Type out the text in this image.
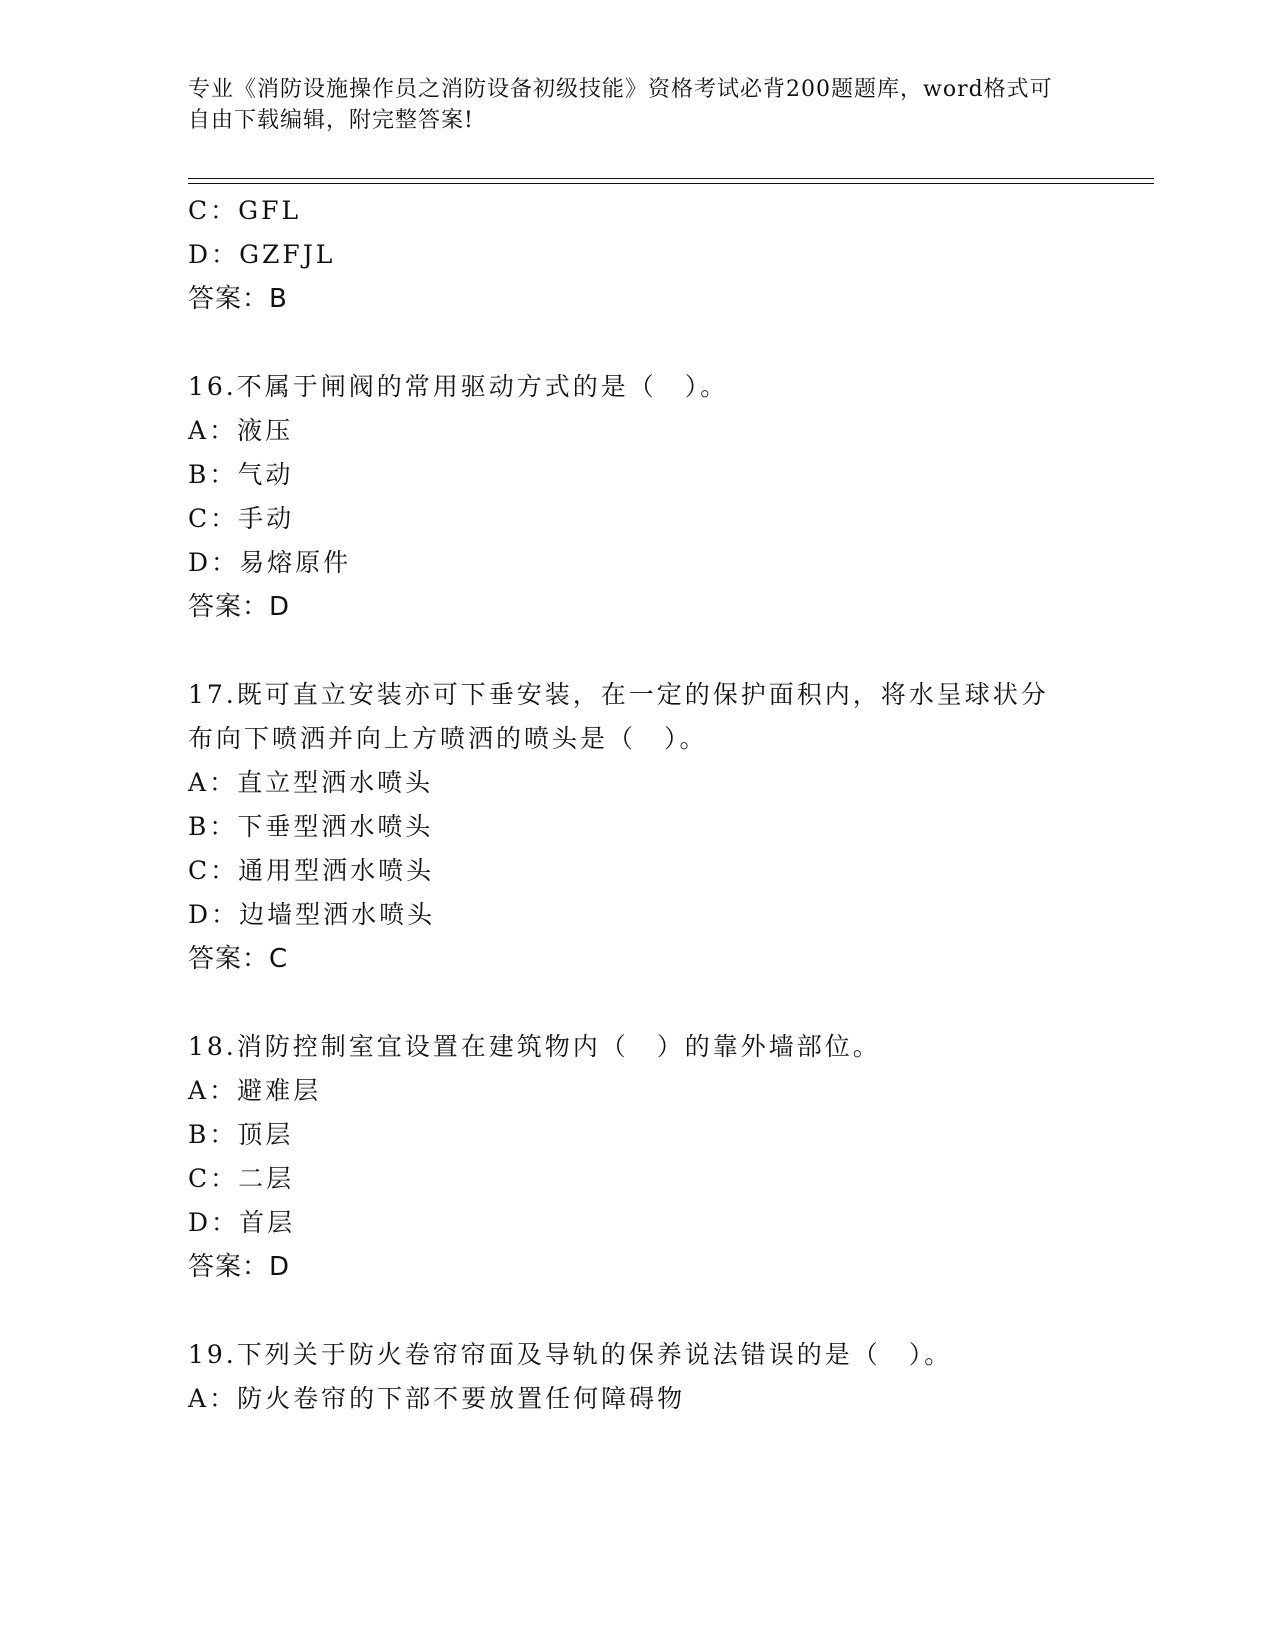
专业《消防设施操作员之消防设备初级技能》资格考试必背200题题库，word格式可自由下载编辑，附完整答案!
C：GFL
D：GZFJL
答案：B
16.不属于闸阀的常用驱动方式的是（　）。
A：液压
B：气动
C：手动
D：易熔原件
答案：D
17.既可直立安装亦可下垂安装，在一定的保护面积内，将水呈球状分
布向下喷洒并向上方喷洒的喷头是（　）。
A：直立型洒水喷头
B：下垂型洒水喷头
C：通用型洒水喷头
D：边墙型洒水喷头
答案：C
18.消防控制室宜设置在建筑物内（　）的靠外墙部位。
A：避难层
B：顶层
C：二层
D：首层
答案：D
19.下列关于防火卷帘帘面及导轨的保养说法错误的是（　）。
A：防火卷帘的下部不要放置任何障碍物
